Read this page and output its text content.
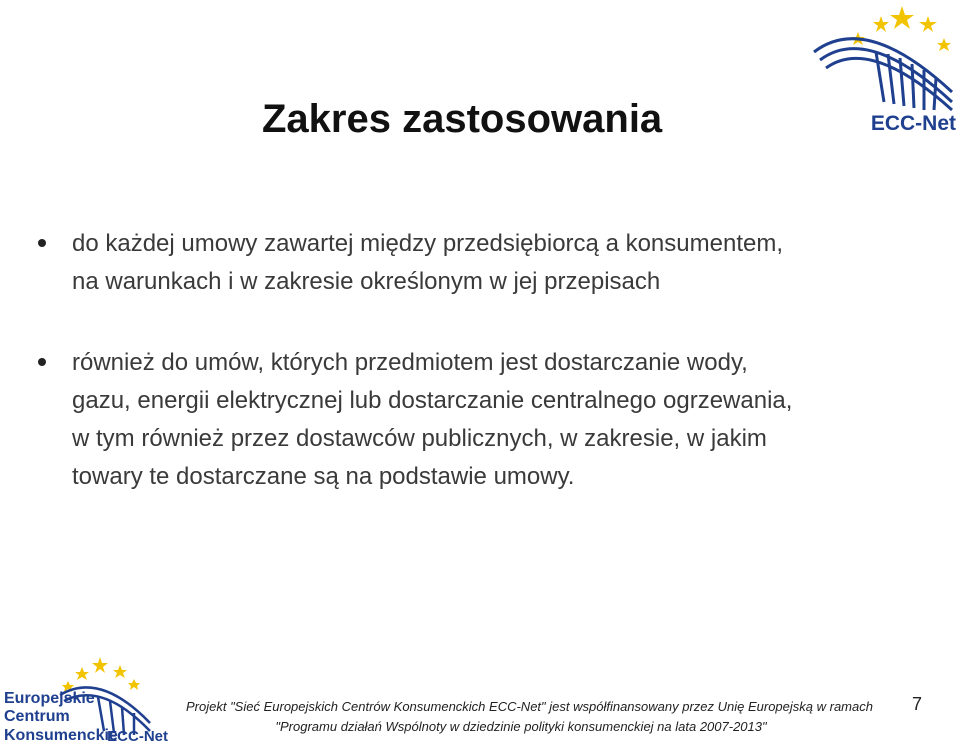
ECC-Net
Zakres zastosowania
do każdej umowy zawartej między przedsiębiorcą a konsumentem,
na warunkach i w zakresie określonym w jej przepisach
również do umów, których przedmiotem jest dostarczanie wody,
gazu, energii elektrycznej lub dostarczanie centralnego ogrzewania,
w tym również przez dostawców publicznych, w zakresie, w jakim
towary te dostarczane są na podstawie umowy.
Europejskie
Centrum
Konsumenckie
ECC-Net
Projekt "Sieć Europejskich Centrów Konsumenckich ECC-Net" jest współfinansowany przez Unię Europejską w ramach
"Programu działań Wspólnoty w dziedzinie polityki konsumenckiej na lata 2007-2013"
7
